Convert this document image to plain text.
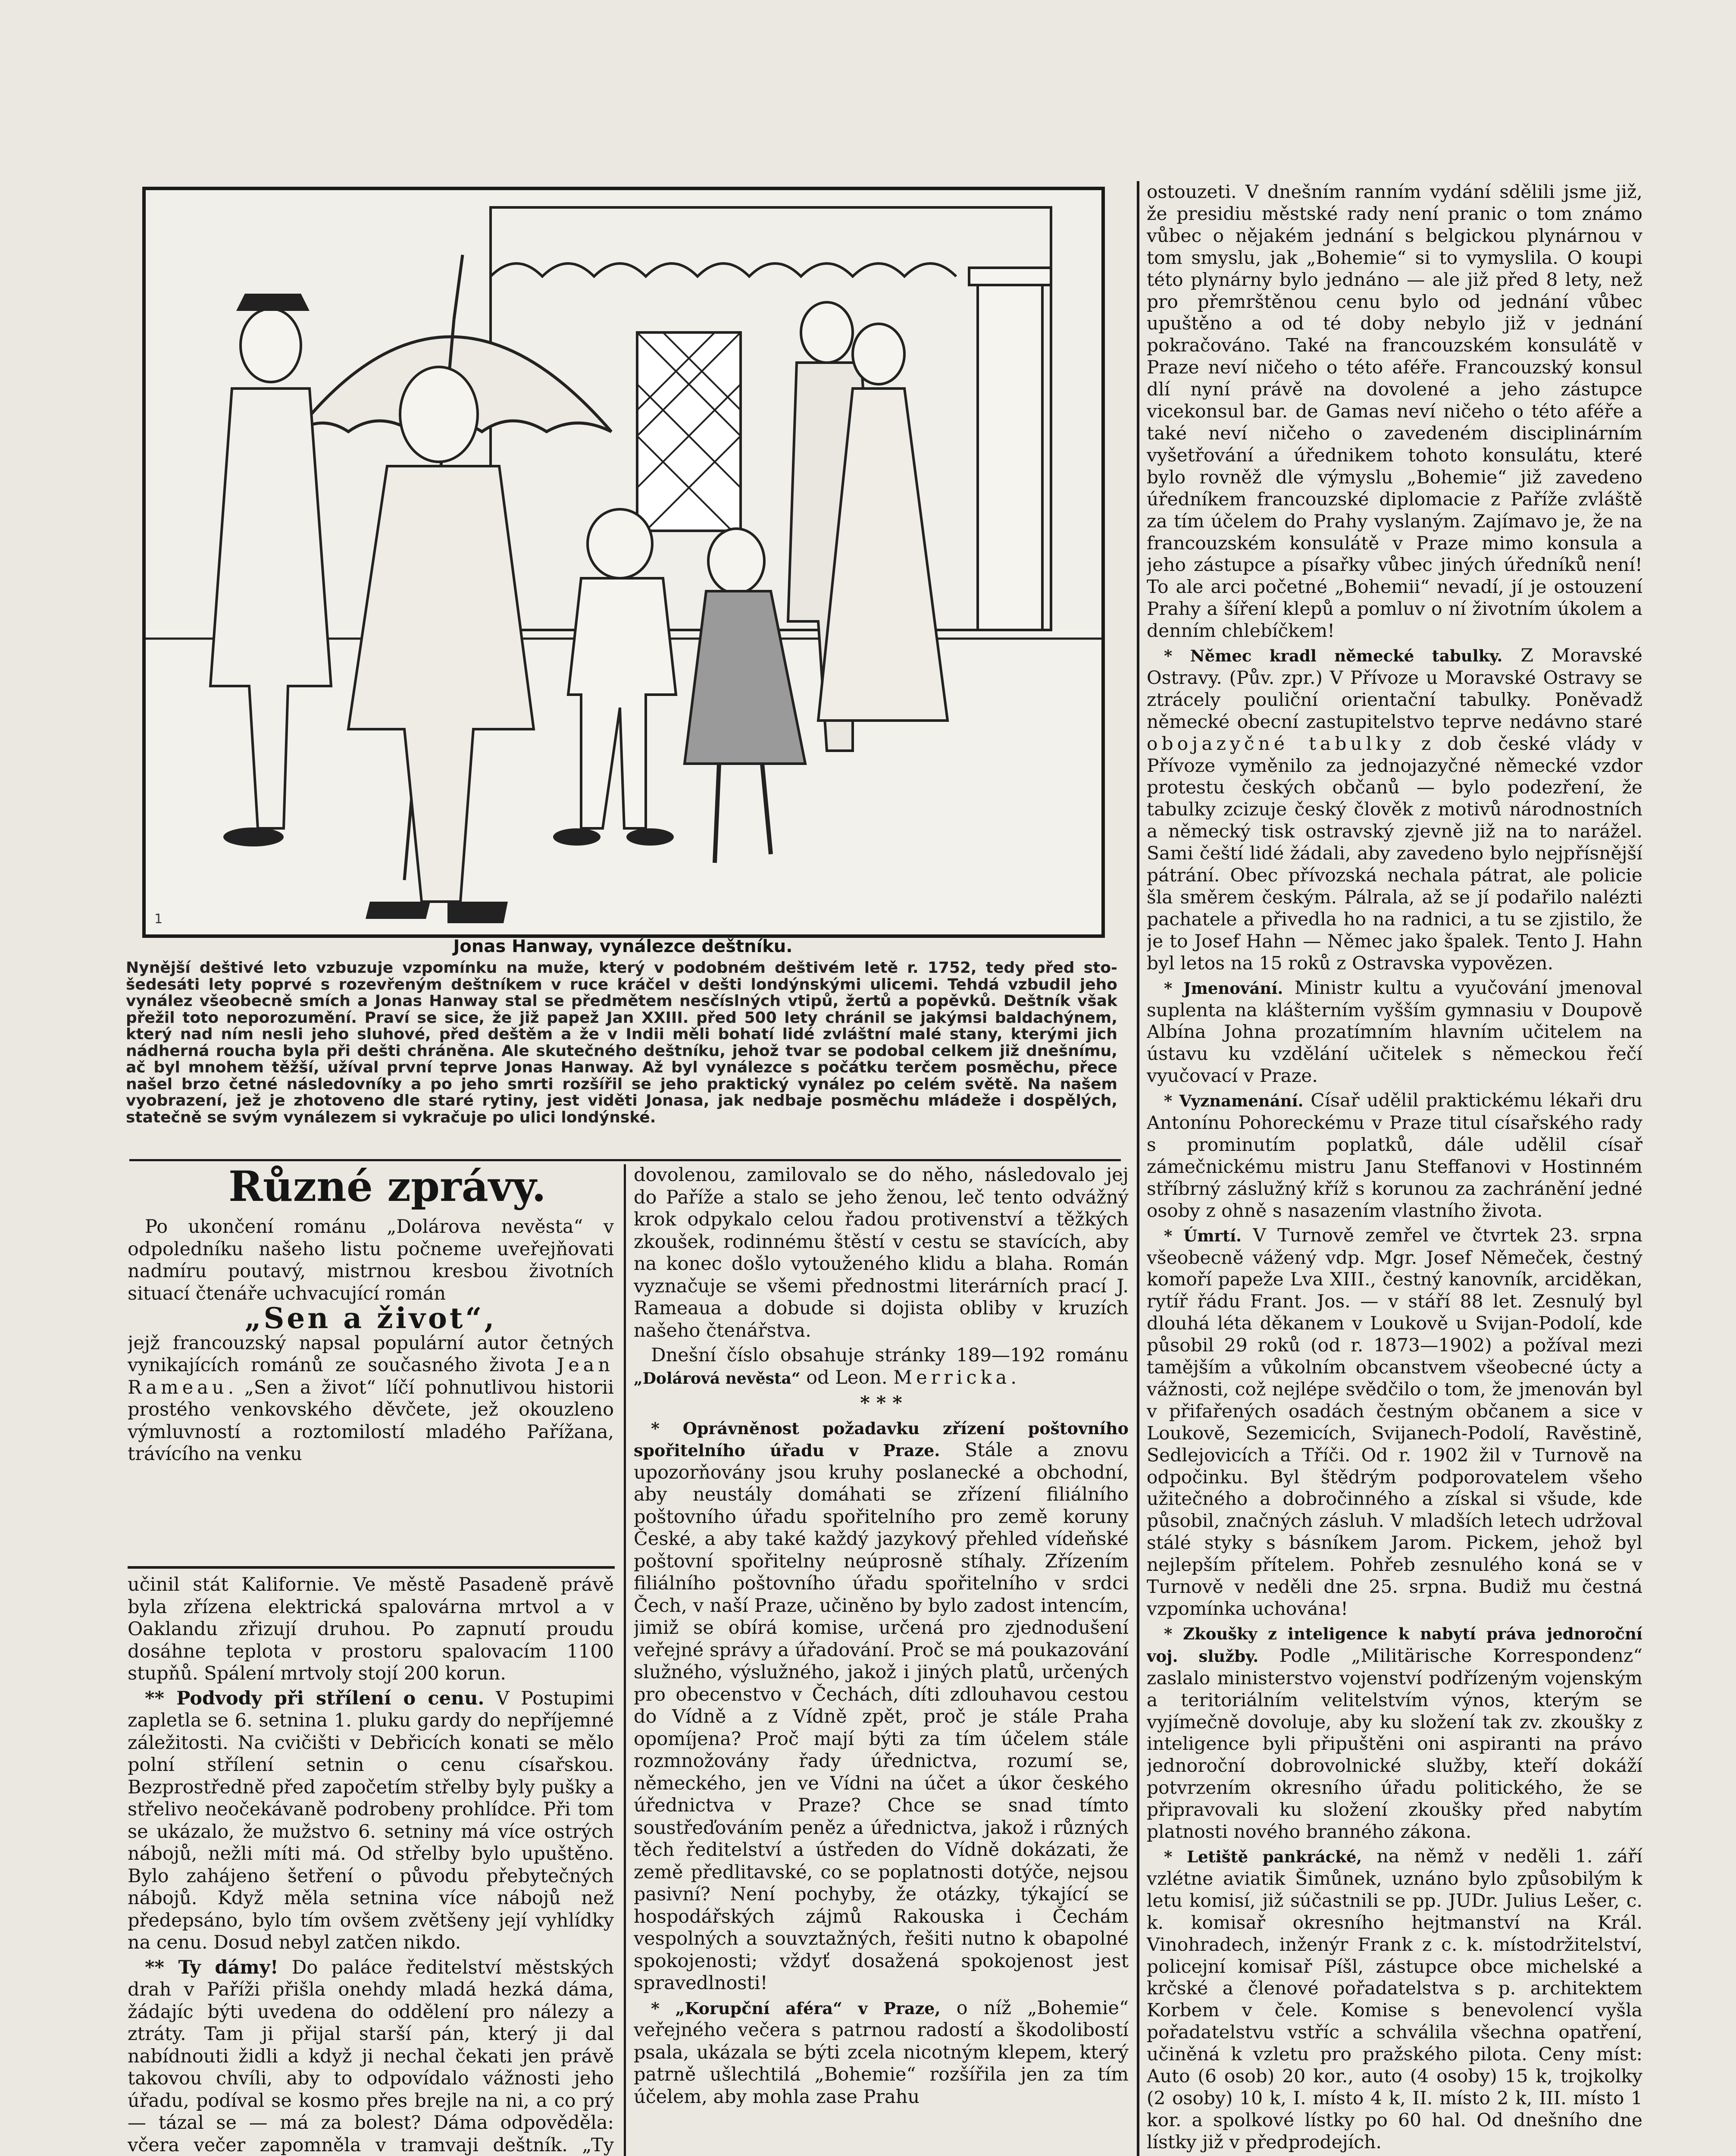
1
Jonas Hanway, vynálezce deštníku.

Nynější deštivé leto vzbuzuje vzpomínku na muže, který v podobném deštivém letě r. 1752, tedy před sto-šedesáti lety poprvé s rozevřeným deštníkem v ruce kráčel v dešti londýnskými ulicemi. Tehdá vzbudil jeho vynález všeobecně smích a Jonas Hanway stal se předmětem nesčíslných vtipů, žertů a popěvků. Deštník však přežil toto neporozumění. Praví se sice, že již papež Jan XXIII. před 500 lety chránil se jakýmsi baldachýnem, který nad ním nesli jeho sluhové, před deštěm a že v Indii měli bohatí lidé zvláštní malé stany, kterými jich nádherná roucha byla při dešti chráněna. Ale skutečného deštníku, jehož tvar se podobal celkem již dnešnímu, ač byl mnohem těžší, užíval první teprve Jonas Hanway. Až byl vynálezce s počátku terčem posměchu, přece našel brzo četné následovníky a po jeho smrti rozšířil se jeho praktický vynález po celém světě. Na našem vyobrazení, jež je zhotoveno dle staré rytiny, jest viděti Jonasa, jak nedbaje posměchu mládeže i dospělých, statečně se svým vynálezem si vykračuje po ulici londýnské.

Různé zprávy.

Po ukončení románu „Dolárova nevěsta“ v odpoledníku našeho listu počneme uveřejňovati nadmíru poutavý, mistrnou kresbou životních situací čtenáře uchvacující román

„Sen a život“,

jejž francouzský napsal populární autor četných vynikajících románů ze současného života Jean Rameau. „Sen a život“ líčí pohnutlivou historii prostého venkovského děvčete, jež okouzleno výmluvností a roztomilostí mladého Pařížana, trávícího na venku

učinil stát Kalifornie. Ve městě Pasadeně právě byla zřízena elektrická spalovárna mrtvol a v Oaklandu zřizují druhou. Po zapnutí proudu dosáhne teplota v prostoru spalovacím 1100 stupňů. Spálení mrtvoly stojí 200 korun.

** Podvody při střílení o cenu. V Postupimi zapletla se 6. setnina 1. pluku gardy do nepříjemné záležitosti. Na cvičišti v Debřicích konati se mělo polní střílení setnin o cenu císařskou. Bezprostředně před započetím střelby byly pušky a střelivo neočekávaně podrobeny prohlídce. Při tom se ukázalo, že mužstvo 6. setniny má více ostrých nábojů, nežli míti má. Od střelby bylo upuštěno. Bylo zahájeno šetření o původu přebytečných nábojů. Když měla setnina více nábojů než předepsáno, bylo tím ovšem zvětšeny její vyhlídky na cenu. Dosud nebyl zatčen nikdo.

** Ty dámy! Do paláce ředitelství městských drah v Paříži přišla onehdy mladá hezká dáma, žádajíc býti uvedena do oddělení pro nálezy a ztráty. Tam ji přijal starší pán, který ji dal nabídnouti židli a když ji nechal čekati jen právě takovou chvíli, aby to odpovídalo vážnosti jeho úřadu, podíval se kosmo přes brejle na ni, a co prý — tázal se — má za bolest? Dáma odpověděla: včera večer zapomněla v tramvaji deštník. „Ty

dovolenou, zamilovalo se do něho, následovalo jej do Paříže a stalo se jeho ženou, leč tento odvážný krok odpykalo celou řadou protivenství a těžkých zkoušek, rodinnému štěstí v cestu se stavících, aby na konec došlo vytouženého klidu a blaha. Román vyznačuje se všemi přednostmi literárních prací J. Rameaua a dobude si dojista obliby v kruzích našeho čtenářstva.

Dnešní číslo obsahuje stránky 189—192 románu „Dolárová nevěsta“ od Leon. Merricka.

* * *

* Oprávněnost požadavku zřízení poštovního spořitelního úřadu v Praze. Stále a znovu upozorňovány jsou kruhy poslanecké a obchodní, aby neustály domáhati se zřízení filiálního poštovního úřadu spořitelního pro země koruny České, a aby také každý jazykový přehled vídeňské poštovní spořitelny neúprosně stíhaly. Zřízením filiálního poštovního úřadu spořitelního v srdci Čech, v naší Praze, učiněno by bylo zadost intencím, jimiž se obírá komise, určená pro zjednodušení veřejné správy a úřadování. Proč se má poukazování služného, výslužného, jakož i jiných platů, určených pro obecenstvo v Čechách, díti zdlouhavou cestou do Vídně a z Vídně zpět, proč je stále Praha opomíjena? Proč mají býti za tím účelem stále rozmnožovány řady úřednictva, rozumí se, německého, jen ve Vídni na účet a úkor českého úřednictva v Praze? Chce se snad tímto soustřeďováním peněz a úřednictva, jakož i různých těch ředitelství a ústředen do Vídně dokázati, že země předlitavské, co se poplatnosti dotýče, nejsou pasivní? Není pochyby, že otázky, týkající se hospodářských zájmů Rakouska i Čechám vespolných a souvztažných, řešiti nutno k obapolné spokojenosti; vždyť dosažená spokojenost jest spravedlnosti!

* „Korupční aféra“ v Praze, o níž „Bohemie“ veřejného večera s patrnou radostí a škodolibostí psala, ukázala se býti zcela nicotným klepem, který patrně ušlechtilá „Bohemie“ rozšířila jen za tím účelem, aby mohla zase Prahu

ostouzeti. V dnešním ranním vydání sdělili jsme již, že presidiu městské rady není pranic o tom známo vůbec o nějakém jednání s belgickou plynárnou v tom smyslu, jak „Bohemie“ si to vymyslila. O koupi této plynárny bylo jednáno — ale již před 8 lety, než pro přemrštěnou cenu bylo od jednání vůbec upuštěno a od té doby nebylo již v jednání pokračováno. Také na francouzském konsulátě v Praze neví ničeho o této aféře. Francouzský konsul dlí nyní právě na dovolené a jeho zástupce vicekonsul bar. de Gamas neví ničeho o této aféře a také neví ničeho o zavedeném disciplinárním vyšetřování a úřednikem tohoto konsulátu, které bylo rovněž dle výmyslu „Bohemie“ již zavedeno úředníkem francouzské diplomacie z Paříže zvláště za tím účelem do Prahy vyslaným. Zajímavo je, že na francouzském konsulátě v Praze mimo konsula a jeho zástupce a písařky vůbec jiných úředníků není! To ale arci početné „Bohemii“ nevadí, jí je ostouzení Prahy a šíření klepů a pomluv o ní životním úkolem a denním chlebíčkem!

* Němec kradl německé tabulky. Z Moravské Ostravy. (Pův. zpr.) V Přívoze u Moravské Ostravy se ztrácely pouliční orientační tabulky. Poněvadž německé obecní zastupitelstvo teprve nedávno staré obojazyčné tabulky z dob české vlády v Přívoze vyměnilo za jednojazyčné německé vzdor protestu českých občanů — bylo podezření, že tabulky zcizuje český člověk z motivů národnostních a německý tisk ostravský zjevně již na to narážel. Sami čeští lidé žádali, aby zavedeno bylo nejpřísnější pátrání. Obec přívozská nechala pátrat, ale policie šla směrem českým. Pálrala, až se jí podařilo nalézti pachatele a přivedla ho na radnici, a tu se zjistilo, že je to Josef Hahn — Němec jako špalek. Tento J. Hahn byl letos na 15 roků z Ostravska vypovězen.

* Jmenování. Ministr kultu a vyučování jmenoval suplenta na klášterním vyšším gymnasiu v Doupově Albína Johna prozatímním hlavním učitelem na ústavu ku vzdělání učitelek s německou řečí vyučovací v Praze.

* Vyznamenání. Císař udělil praktickému lékaři dru Antonínu Pohoreckému v Praze titul císařského rady s prominutím poplatků, dále udělil císař zámečnickému mistru Janu Steffanovi v Hostinném stříbrný záslužný kříž s korunou za zachránění jedné osoby z ohně s nasazením vlastního života.

* Úmrtí. V Turnově zemřel ve čtvrtek 23. srpna všeobecně vážený vdp. Mgr. Josef Němeček, čestný komoří papeže Lva XIII., čestný kanovník, arciděkan, rytíř řádu Frant. Jos. — v stáří 88 let. Zesnulý byl dlouhá léta děkanem v Loukově u Svijan-Podolí, kde působil 29 roků (od r. 1873—1902) a požíval mezi tamějším a vůkolním obcanstvem všeobecné úcty a vážnosti, což nejlépe svědčilo o tom, že jmenován byl v přifařených osadách čestným občanem a sice v Loukově, Sezemicích, Svijanech-Podolí, Ravěstině, Sedlejovicích a Tříči. Od r. 1902 žil v Turnově na odpočinku. Byl štědrým podporovatelem všeho užitečného a dobročinného a získal si všude, kde působil, značných zásluh. V mladších letech udržoval stálé styky s básníkem Jarom. Pickem, jehož byl nejlepším přítelem. Pohřeb zesnulého koná se v Turnově v neděli dne 25. srpna. Budiž mu čestná vzpomínka uchována!

* Zkoušky z inteligence k nabytí práva jednoroční voj. služby. Podle „Militärische Korrespondenz“ zaslalo ministerstvo vojenství podřízeným vojenským a teritoriálním velitelstvím výnos, kterým se vyjímečně dovoluje, aby ku složení tak zv. zkoušky z inteligence byli připuštěni oni aspiranti na právo jednoroční dobrovolnické služby, kteří dokáží potvrzením okresního úřadu politického, že se připravovali ku složení zkoušky před nabytím platnosti nového branného zákona.

* Letiště pankrácké, na němž v neděli 1. září vzlétne aviatik Šimůnek, uznáno bylo způsobilým k letu komisí, již súčastnili se pp. JUDr. Julius Lešer, c. k. komisař okresního hejtmanství na Král. Vinohradech, inženýr Frank z c. k. místodržitelství, policejní komisař Píšl, zástupce obce michelské a krčské a členové pořadatelstva s p. architektem Korbem v čele. Komise s benevolencí vyšla pořadatelstvu vstříc a schválila všechna opatření, učiněná k vzletu pro pražského pilota. Ceny míst: Auto (6 osob) 20 kor., auto (4 osoby) 15 k, trojkolky (2 osoby) 10 k, I. místo 4 k, II. místo 2 k, III. místo 1 kor. a spolkové lístky po 60 hal. Od dnešního dne lístky již v předprodejích.
